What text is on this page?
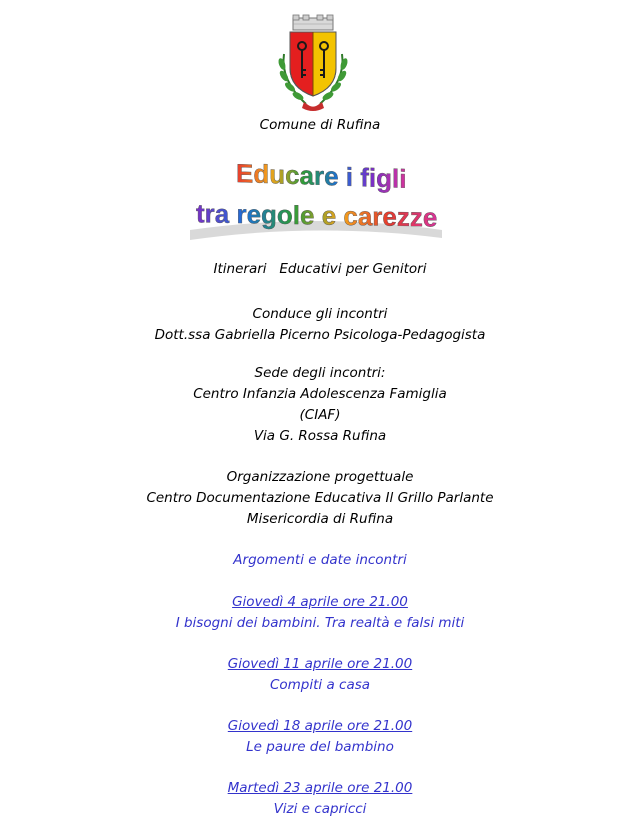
Comune di Rufina
Educare i figli
tra regole e carezze
Itinerari   Educativi per Genitori
Conduce gli incontri
Dott.ssa Gabriella Picerno Psicologa-Pedagogista
Sede degli incontri:
Centro Infanzia Adolescenza Famiglia
(CIAF)
Via G. Rossa Rufina
Organizzazione progettuale
Centro Documentazione Educativa Il Grillo Parlante
Misericordia di Rufina
Argomenti e date incontri
Giovedì 4 aprile ore 21.00
I bisogni dei bambini. Tra realtà e falsi miti
Giovedì 11 aprile ore 21.00
Compiti a casa
Giovedì 18 aprile ore 21.00
Le paure del bambino
Martedì 23 aprile ore 21.00
Vizi e capricci
